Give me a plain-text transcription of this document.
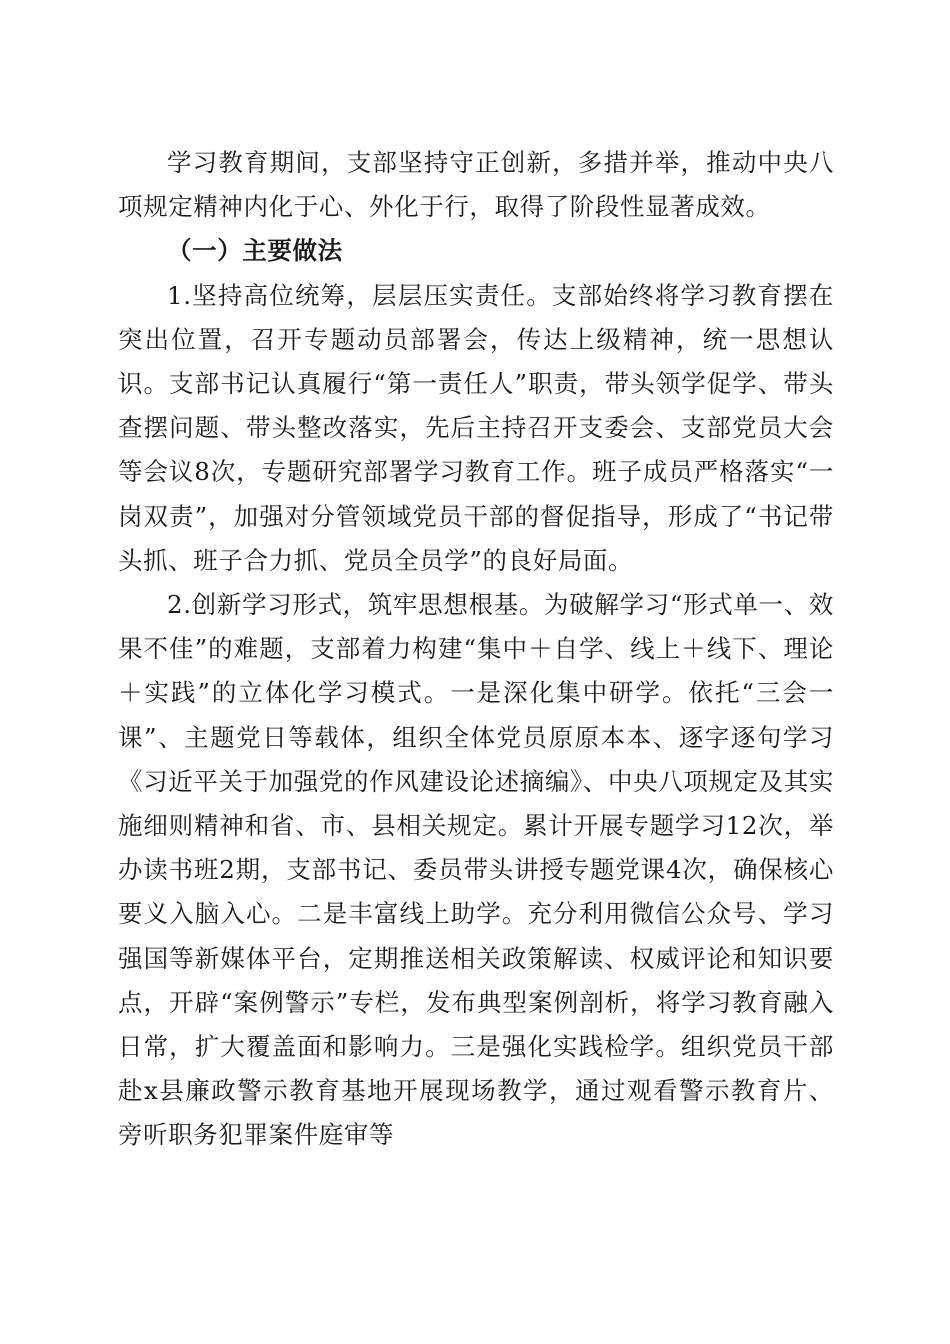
学习教育期间，支部坚持守正创新，多措并举，推动中央八项规定精神内化于心、外化于行，取得了阶段性显著成效。

（一）主要做法

1.坚持高位统筹，层层压实责任。支部始终将学习教育摆在突出位置，召开专题动员部署会，传达上级精神，统一思想认识。支部书记认真履行“第一责任人”职责，带头领学促学、带头查摆问题、带头整改落实，先后主持召开支委会、支部党员大会等会议8次，专题研究部署学习教育工作。班子成员严格落实“一岗双责”，加强对分管领域党员干部的督促指导，形成了“书记带头抓、班子合力抓、党员全员学”的良好局面。

2.创新学习形式，筑牢思想根基。为破解学习“形式单一、效果不佳”的难题，支部着力构建“集中＋自学、线上＋线下、理论＋实践”的立体化学习模式。一是深化集中研学。依托“三会一课”、主题党日等载体，组织全体党员原原本本、逐字逐句学习《习近平关于加强党的作风建设论述摘编》、中央八项规定及其实施细则精神和省、市、县相关规定。累计开展专题学习12次，举办读书班2期，支部书记、委员带头讲授专题党课4次，确保核心要义入脑入心。二是丰富线上助学。充分利用微信公众号、学习强国等新媒体平台，定期推送相关政策解读、权威评论和知识要点，开辟“案例警示”专栏，发布典型案例剖析，将学习教育融入日常，扩大覆盖面和影响力。三是强化实践检学。组织党员干部赴x县廉政警示教育基地开展现场教学，通过观看警示教育片、旁听职务犯罪案件庭审等
